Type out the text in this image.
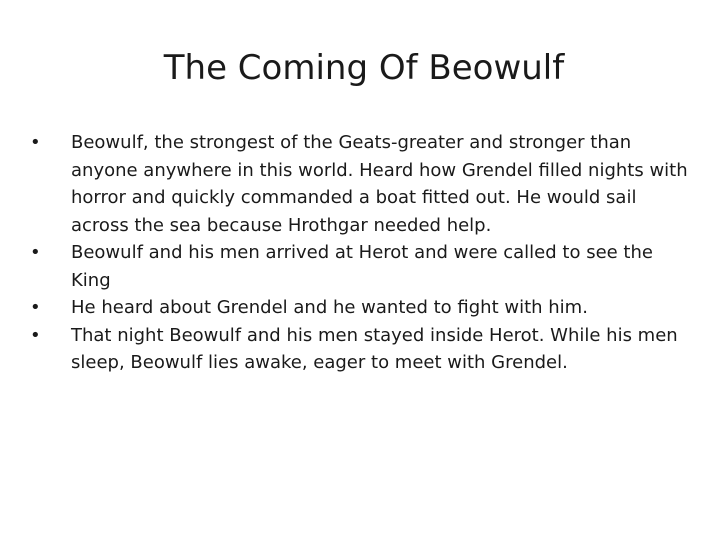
The Coming Of Beowulf
•	Beowulf, the strongest of the Geats-greater and stronger than anyone anywhere in this world. Heard how Grendel filled nights with horror and quickly commanded a boat fitted out. He would sail across the sea because Hrothgar needed help.
•	Beowulf and his men arrived at Herot and were called to see the King
•	He heard about Grendel and he wanted to fight with him.
•	That night Beowulf and his men stayed inside Herot. While his men sleep, Beowulf lies awake, eager to meet with Grendel.
